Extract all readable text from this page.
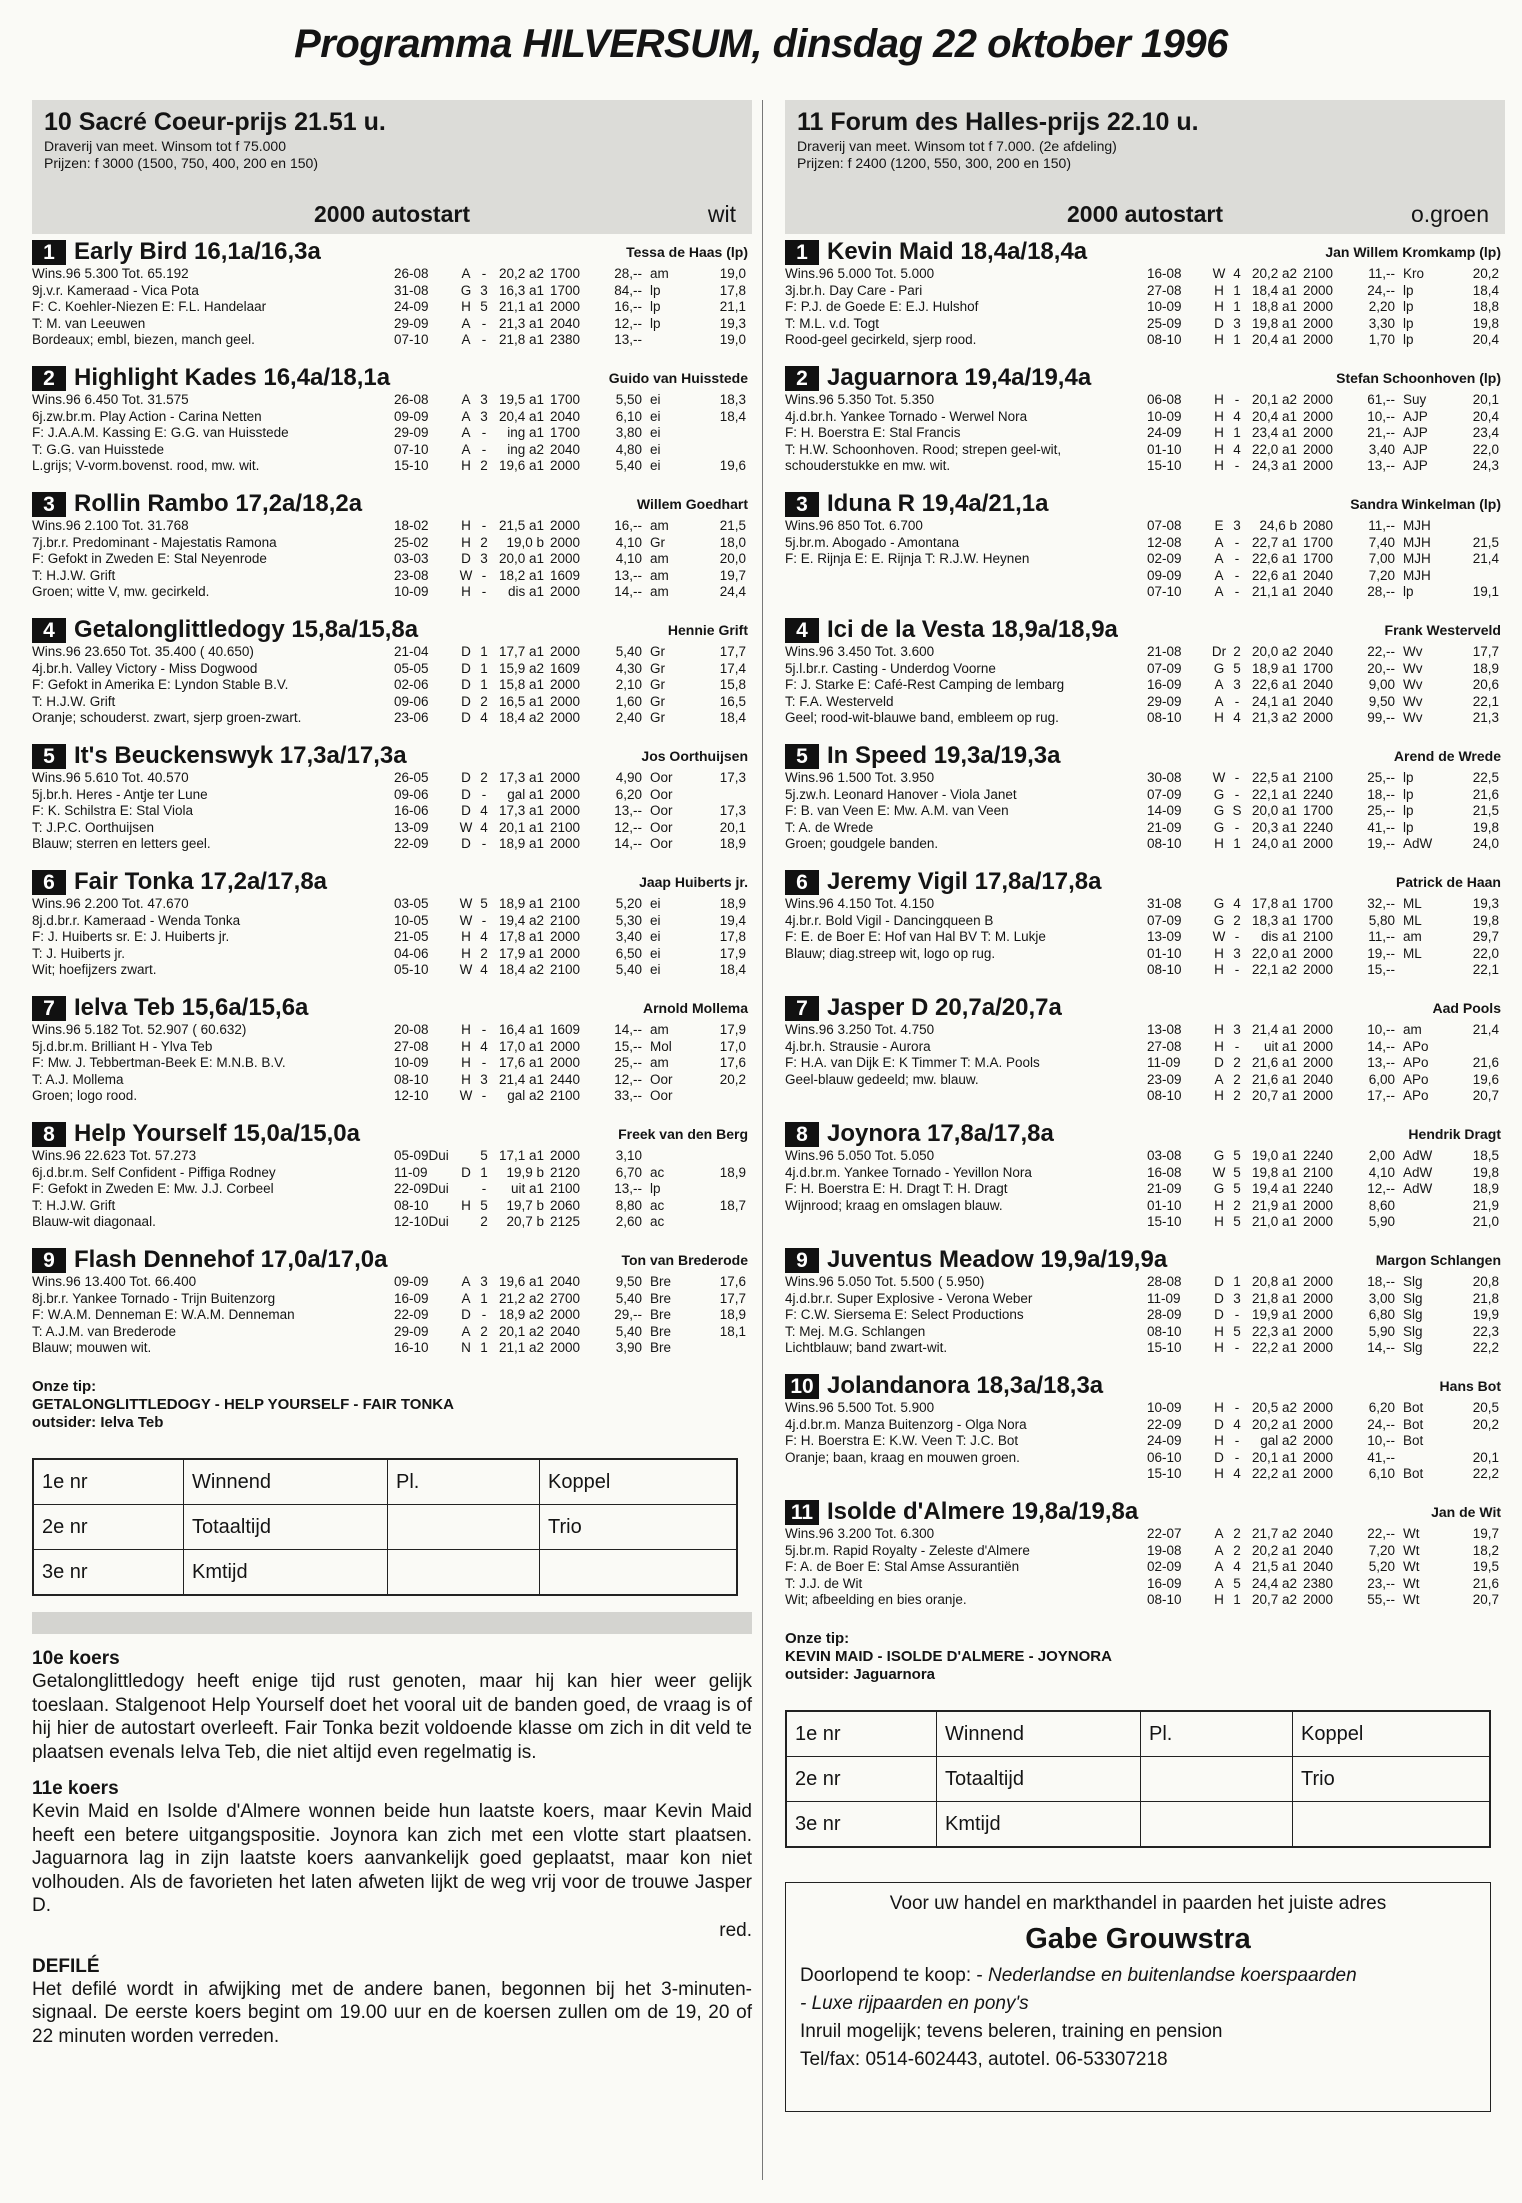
Programma HILVERSUM, dinsdag 22 oktober 1996
10 Sacré Coeur-prijs 21.51 u.
Draverij van meet. Winsom tot f 75.000
Prijzen: f 3000 (1500, 750, 400, 200 en 150)
2000 autostart	wit
1 Early Bird 16,1a/16,3a	Tessa de Haas (lp)
Wins.96 5.300 Tot. 65.192
9j.v.r. Kameraad - Vica Pota
F: C. Koehler-Niezen E: F.L. Handelaar
T: M. van Leeuwen
Bordeaux; embl, biezen, manch geel.
26-08	A	-	20,2 a2	1700	28,--	am	19,0
31-08	G	3	16,3 a1	1700	84,--	lp	17,8
24-09	H	5	21,1 a1	2000	16,--	lp	21,1
29-09	A	-	21,3 a1	2040	12,--	lp	19,3
07-10	A	-	21,8 a1	2380	13,--		19,0
2 Highlight Kades 16,4a/18,1a	Guido van Huisstede
Wins.96 6.450 Tot. 31.575
6j.zw.br.m. Play Action - Carina Netten
F: J.A.A.M. Kassing E: G.G. van Huisstede
T: G.G. van Huisstede
L.grijs; V-vorm.bovenst. rood, mw. wit.
26-08	A	3	19,5 a1	1700	5,50	ei	18,3
09-09	A	3	20,4 a1	2040	6,10	ei	18,4
29-09	A	-	ing a1	1700	3,80	ei	
07-10	A	-	ing a2	2040	4,80	ei	
15-10	H	2	19,6 a1	2000	5,40	ei	19,6
3 Rollin Rambo 17,2a/18,2a	Willem Goedhart
Wins.96 2.100 Tot. 31.768
7j.br.r. Predominant - Majestatis Ramona
F: Gefokt in Zweden E: Stal Neyenrode
T: H.J.W. Grift
Groen; witte V, mw. gecirkeld.
18-02	H	-	21,5 a1	2000	16,--	am	21,5
25-02	H	2	19,0 b	2000	4,10	Gr	18,0
03-03	D	3	20,0 a1	2000	4,10	am	20,0
23-08	W	-	18,2 a1	1609	13,--	am	19,7
10-09	H	-	dis a1	2000	14,--	am	24,4
4 Getalonglittledogy 15,8a/15,8a	Hennie Grift
Wins.96 23.650 Tot. 35.400 ( 40.650)
4j.br.h. Valley Victory - Miss Dogwood
F: Gefokt in Amerika E: Lyndon Stable B.V.
T: H.J.W. Grift
Oranje; schouderst. zwart, sjerp groen-zwart.
21-04	D	1	17,7 a1	2000	5,40	Gr	17,7
05-05	D	1	15,9 a2	1609	4,30	Gr	17,4
02-06	D	1	15,8 a1	2000	2,10	Gr	15,8
09-06	D	2	16,5 a1	2000	1,60	Gr	16,5
23-06	D	4	18,4 a2	2000	2,40	Gr	18,4
5 It's Beuckenswyk 17,3a/17,3a	Jos Oorthuijsen
Wins.96 5.610 Tot. 40.570
5j.br.h. Heres - Antje ter Lune
F: K. Schilstra E: Stal Viola
T: J.P.C. Oorthuijsen
Blauw; sterren en letters geel.
26-05	D	2	17,3 a1	2000	4,90	Oor	17,3
09-06	D	-	gal a1	2000	6,20	Oor	
16-06	D	4	17,3 a1	2000	13,--	Oor	17,3
13-09	W	4	20,1 a1	2100	12,--	Oor	20,1
22-09	D	-	18,9 a1	2000	14,--	Oor	18,9
6 Fair Tonka 17,2a/17,8a	Jaap Huiberts jr.
Wins.96 2.200 Tot. 47.670
8j.d.br.r. Kameraad - Wenda Tonka
F: J. Huiberts sr. E: J. Huiberts jr.
T: J. Huiberts jr.
Wit; hoefijzers zwart.
03-05	W	5	18,9 a1	2100	5,20	ei	18,9
10-05	W	-	19,4 a2	2100	5,30	ei	19,4
21-05	H	4	17,8 a1	2000	3,40	ei	17,8
04-06	H	2	17,9 a1	2000	6,50	ei	17,9
05-10	W	4	18,4 a2	2100	5,40	ei	18,4
7 Ielva Teb 15,6a/15,6a	Arnold Mollema
Wins.96 5.182 Tot. 52.907 ( 60.632)
5j.d.br.m. Brilliant H - Ylva Teb
F: Mw. J. Tebbertman-Beek E: M.N.B. B.V.
T: A.J. Mollema
Groen; logo rood.
20-08	H	-	16,4 a1	1609	14,--	am	17,9
27-08	H	4	17,0 a1	2000	15,--	Mol	17,0
10-09	H	-	17,6 a1	2000	25,--	am	17,6
08-10	H	3	21,4 a1	2440	12,--	Oor	20,2
12-10	W	-	gal a2	2100	33,--	Oor	
8 Help Yourself 15,0a/15,0a	Freek van den Berg
Wins.96 22.623 Tot. 57.273
6j.d.br.m. Self Confident - Piffiga Rodney
F: Gefokt in Zweden E: Mw. J.J. Corbeel
T: H.J.W. Grift
Blauw-wit diagonaal.
05-09Dui		5	17,1 a1	2000	3,10		
11-09	D	1	19,9 b	2120	6,70	ac	18,9
22-09Dui		-	uit a1	2100	13,--	lp	
08-10	H	5	19,7 b	2060	8,80	ac	18,7
12-10Dui		2	20,7 b	2125	2,60	ac	
9 Flash Dennehof 17,0a/17,0a	Ton van Brederode
Wins.96 13.400 Tot. 66.400
8j.br.r. Yankee Tornado - Trijn Buitenzorg
F: W.A.M. Denneman E: W.A.M. Denneman
T: A.J.M. van Brederode
Blauw; mouwen wit.
09-09	A	3	19,6 a1	2040	9,50	Bre	17,6
16-09	A	1	21,2 a2	2700	5,40	Bre	17,7
22-09	D	-	18,9 a2	2000	29,--	Bre	18,9
29-09	A	2	20,1 a2	2040	5,40	Bre	18,1
16-10	N	1	21,1 a2	2000	3,90	Bre	
Onze tip:
GETALONGLITTLEDOGY - HELP YOURSELF - FAIR TONKA
outsider: Ielva Teb
1e nr	Winnend	Pl.	Koppel
2e nr	Totaaltijd		Trio
3e nr	Kmtijd		
10e koers
Getalonglittledogy heeft enige tijd rust genoten, maar hij kan hier weer gelijk toeslaan. Stalgenoot Help Yourself doet het vooral uit de banden goed, de vraag is of hij hier de autostart overleeft. Fair Tonka bezit voldoende klasse om zich in dit veld te plaatsen evenals Ielva Teb, die niet altijd even regelmatig is.
11e koers
Kevin Maid en Isolde d'Almere wonnen beide hun laatste koers, maar Kevin Maid heeft een betere uitgangspositie. Joynora kan zich met een vlotte start plaatsen. Jaguarnora lag in zijn laatste koers aanvankelijk goed geplaatst, maar kon niet volhouden. Als de favorieten het laten afweten lijkt de weg vrij voor de trouwe Jasper D.
red.
DEFILÉ
Het defilé wordt in afwijking met de andere banen, begonnen bij het 3-minuten-signaal. De eerste koers begint om 19.00 uur en de koersen zullen om de 19, 20 of 22 minuten worden verreden.
11 Forum des Halles-prijs 22.10 u.
Draverij van meet. Winsom tot f 7.000. (2e afdeling)
Prijzen: f 2400 (1200, 550, 300, 200 en 150)
2000 autostart	o.groen
1 Kevin Maid 18,4a/18,4a	Jan Willem Kromkamp (lp)
Wins.96 5.000 Tot. 5.000
3j.br.h. Day Care - Pari
F: P.J. de Goede E: E.J. Hulshof
T: M.L. v.d. Togt
Rood-geel gecirkeld, sjerp rood.
16-08	W	4	20,2 a2	2100	11,--	Kro	20,2
27-08	H	1	18,4 a1	2000	24,--	lp	18,4
10-09	H	1	18,8 a1	2000	2,20	lp	18,8
25-09	D	3	19,8 a1	2000	3,30	lp	19,8
08-10	H	1	20,4 a1	2000	1,70	lp	20,4
2 Jaguarnora 19,4a/19,4a	Stefan Schoonhoven (lp)
Wins.96 5.350 Tot. 5.350
4j.d.br.h. Yankee Tornado - Werwel Nora
F: H. Boerstra E: Stal Francis
T: H.W. Schoonhoven. Rood; strepen geel-wit,
schouderstukke en mw. wit.
06-08	H	-	20,1 a2	2000	61,--	Suy	20,1
10-09	H	4	20,4 a1	2000	10,--	AJP	20,4
24-09	H	1	23,4 a1	2000	21,--	AJP	23,4
01-10	H	4	22,0 a1	2000	3,40	AJP	22,0
15-10	H	-	24,3 a1	2000	13,--	AJP	24,3
3 Iduna R 19,4a/21,1a	Sandra Winkelman (lp)
Wins.96 850 Tot. 6.700
5j.br.m. Abogado - Amontana
F: E. Rijnja E: E. Rijnja T: R.J.W. Heynen
07-08	E	3	24,6 b	2080	11,--	MJH	
12-08	A	-	22,7 a1	1700	7,40	MJH	21,5
02-09	A	-	22,6 a1	1700	7,00	MJH	21,4
09-09	A	-	22,6 a1	2040	7,20	MJH	
07-10	A	-	21,1 a1	2040	28,--	lp	19,1
4 Ici de la Vesta 18,9a/18,9a	Frank Westerveld
Wins.96 3.450 Tot. 3.600
5j.l.br.r. Casting - Underdog Voorne
F: J. Starke E: Café-Rest Camping de lembarg
T: F.A. Westerveld
Geel; rood-wit-blauwe band, embleem op rug.
21-08	Dr	2	20,0 a2	2040	22,--	Wv	17,7
07-09	G	5	18,9 a1	1700	20,--	Wv	18,9
16-09	A	3	22,6 a1	2040	9,00	Wv	20,6
29-09	A	-	24,1 a1	2040	9,50	Wv	22,1
08-10	H	4	21,3 a2	2000	99,--	Wv	21,3
5 In Speed 19,3a/19,3a	Arend de Wrede
Wins.96 1.500 Tot. 3.950
5j.zw.h. Leonard Hanover - Viola Janet
F: B. van Veen E: Mw. A.M. van Veen
T: A. de Wrede
Groen; goudgele banden.
30-08	W	-	22,5 a1	2100	25,--	lp	22,5
07-09	G	-	22,1 a1	2240	18,--	lp	21,6
14-09	G	S	20,0 a1	1700	25,--	lp	21,5
21-09	G	-	20,3 a1	2240	41,--	lp	19,8
08-10	H	1	24,0 a1	2000	19,--	AdW	24,0
6 Jeremy Vigil 17,8a/17,8a	Patrick de Haan
Wins.96 4.150 Tot. 4.150
4j.br.r. Bold Vigil - Dancingqueen B
F: E. de Boer E: Hof van Hal BV T: M. Lukje
Blauw; diag.streep wit, logo op rug.
31-08	G	4	17,8 a1	1700	32,--	ML	19,3
07-09	G	2	18,3 a1	1700	5,80	ML	19,8
13-09	W	-	dis a1	2100	11,--	am	29,7
01-10	H	3	22,0 a1	2000	19,--	ML	22,0
08-10	H	-	22,1 a2	2000	15,--		22,1
7 Jasper D 20,7a/20,7a	Aad Pools
Wins.96 3.250 Tot. 4.750
4j.br.h. Strausie - Aurora
F: H.A. van Dijk E: K Timmer T: M.A. Pools
Geel-blauw gedeeld; mw. blauw.
13-08	H	3	21,4 a1	2000	10,--	am	21,4
27-08	H	-	uit a1	2000	14,--	APo	
11-09	D	2	21,6 a1	2000	13,--	APo	21,6
23-09	A	2	21,6 a1	2040	6,00	APo	19,6
08-10	H	2	20,7 a1	2000	17,--	APo	20,7
8 Joynora 17,8a/17,8a	Hendrik Dragt
Wins.96 5.050 Tot. 5.050
4j.d.br.m. Yankee Tornado - Yevillon Nora
F: H. Boerstra E: H. Dragt T: H. Dragt
Wijnrood; kraag en omslagen blauw.
03-08	G	5	19,0 a1	2240	2,00	AdW	18,5
16-08	W	5	19,8 a1	2100	4,10	AdW	19,8
21-09	G	5	19,4 a1	2240	12,--	AdW	18,9
01-10	H	2	21,9 a1	2000	8,60		21,9
15-10	H	5	21,0 a1	2000	5,90		21,0
9 Juventus Meadow 19,9a/19,9a	Margon Schlangen
Wins.96 5.050 Tot. 5.500 ( 5.950)
4j.d.br.r. Super Explosive - Verona Weber
F: C.W. Siersema E: Select Productions
T: Mej. M.G. Schlangen
Lichtblauw; band zwart-wit.
28-08	D	1	20,8 a1	2000	18,--	Slg	20,8
11-09	D	3	21,8 a1	2000	3,00	Slg	21,8
28-09	D	-	19,9 a1	2000	6,80	Slg	19,9
08-10	H	5	22,3 a1	2000	5,90	Slg	22,3
15-10	H	-	22,2 a1	2000	14,--	Slg	22,2
10 Jolandanora 18,3a/18,3a	Hans Bot
Wins.96 5.500 Tot. 5.900
4j.d.br.m. Manza Buitenzorg - Olga Nora
F: H. Boerstra E: K.W. Veen T: J.C. Bot
Oranje; baan, kraag en mouwen groen.
10-09	H	-	20,5 a2	2000	6,20	Bot	20,5
22-09	D	4	20,2 a1	2000	24,--	Bot	20,2
24-09	H	-	gal a2	2000	10,--	Bot	
06-10	D	-	20,1 a1	2000	41,--		20,1
15-10	H	4	22,2 a1	2000	6,10	Bot	22,2
11 Isolde d'Almere 19,8a/19,8a	Jan de Wit
Wins.96 3.200 Tot. 6.300
5j.br.m. Rapid Royalty - Zeleste d'Almere
F: A. de Boer E: Stal Amse Assurantiën
T: J.J. de Wit
Wit; afbeelding en bies oranje.
22-07	A	2	21,7 a2	2040	22,--	Wt	19,7
19-08	A	2	20,2 a1	2040	7,20	Wt	18,2
02-09	A	4	21,5 a1	2040	5,20	Wt	19,5
16-09	A	5	24,4 a2	2380	23,--	Wt	21,6
08-10	H	1	20,7 a2	2000	55,--	Wt	20,7
Onze tip:
KEVIN MAID - ISOLDE D'ALMERE - JOYNORA
outsider: Jaguarnora
1e nr	Winnend	Pl.	Koppel
2e nr	Totaaltijd		Trio
3e nr	Kmtijd		
Voor uw handel en markthandel in paarden het juiste adres
Gabe Grouwstra
Doorlopend te koop: - Nederlandse en buitenlandse koerspaarden
- Luxe rijpaarden en pony's
Inruil mogelijk; tevens beleren, training en pension
Tel/fax: 0514-602443, autotel. 06-53307218
